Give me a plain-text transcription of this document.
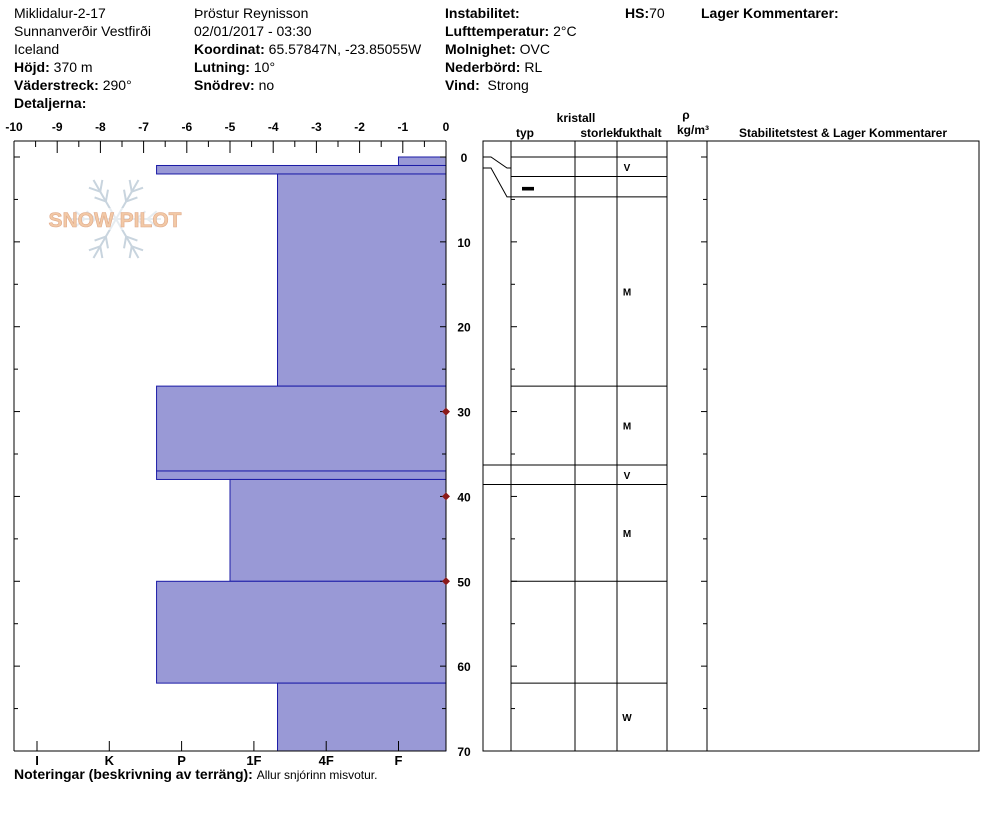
Miklidalur-2-17
Sunnanverðir Vestfirði
Iceland
Höjd: 370 m
Väderstreck: 290°
Detaljerna:
Þröstur Reynisson
02/01/2017 - 03:30
Koordinat: 65.57847N, -23.85055W
Lutning: 10°
Snödrev: no
Instabilitet:
Lufttemperatur: 2°C
Molnighet: OVC
Nederbörd: RL
Vind: Strong
HS:70	Lager Kommentarer:
SNOW PILOT
-10 -9	-8	-7	-6	-5	-4	-3	-2	-1	0
I	K	P	1F	4F	F
0
10
20
30
40
50
60
70
typ
kristall
storlek
fukthalt
ρ
kg/m³ Stabilitetstest & Lager Kommentarer
V
▬
M
M
V
M
W
Noteringar (beskrivning av terräng): Allur snjórinn misvotur.
